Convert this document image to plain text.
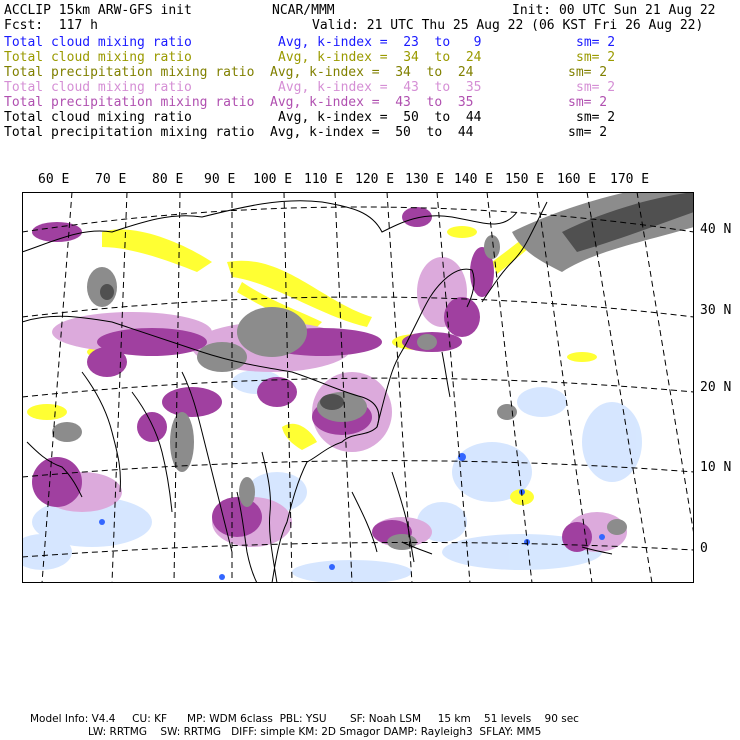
ACCLIP 15km ARW-GFS init	NCAR/MMM	Init: 00 UTC Sun 21 Aug 22
Fcst:  117 h	Valid: 21 UTC Thu 25 Aug 22 (06 KST Fri 26 Aug 22)
Total cloud mixing ratio	Avg, k-index =  23  to   9	sm= 2
Total cloud mixing ratio	Avg, k-index =  34  to  24	sm= 2
Total precipitation mixing ratio Avg, k-index =  34  to  24	sm= 2
Total cloud mixing ratio	Avg, k-index =  43  to  35	sm= 2
Total precipitation mixing ratio Avg, k-index =  43  to  35	sm= 2
Total cloud mixing ratio	Avg, k-index =  50  to  44	sm= 2
Total precipitation mixing ratio Avg, k-index =  50  to  44	sm= 2
60 E 70 E 80 E 90 E 100 E 110 E 120 E 130 E 140 E 150 E 160 E 170 E
40 N
30 N
20 N
10 N
0
Model Info: V4.4     CU: KF      MP: WDM 6class  PBL: YSU       SF: Noah LSM     15 km    51 levels    90 sec
LW: RRTMG    SW: RRTMG   DIFF: simple KM: 2D Smagor DAMP: Rayleigh3  SFLAY: MM5
